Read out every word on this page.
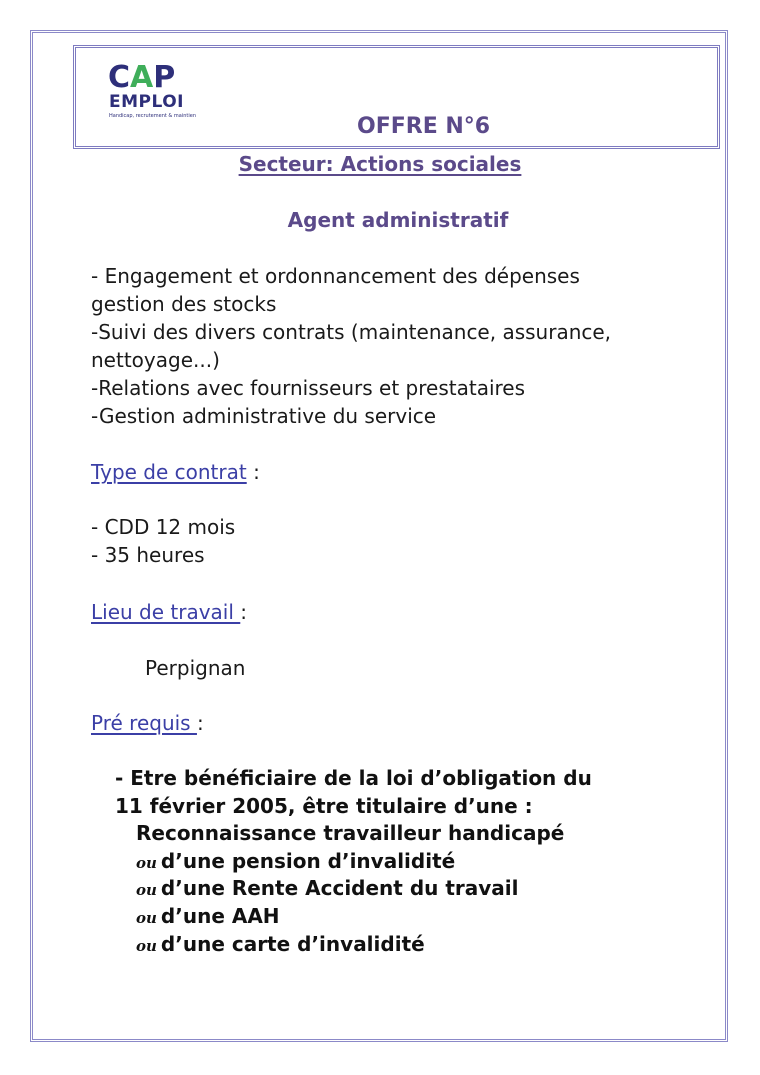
CAP
EMPLOI
Handicap, recrutement & maintien	OFFRE N°6
Secteur: Actions sociales
Agent administratif
- Engagement et ordonnancement des dépenses
gestion des stocks
-Suivi des divers contrats (maintenance, assurance,
nettoyage...)
-Relations avec fournisseurs et prestataires
-Gestion administrative du service
Type de contrat :
- CDD 12 mois
- 35 heures
Lieu de travail :
Perpignan
Pré requis :
- Etre bénéficiaire de la loi d’obligation du
11 février 2005, être titulaire d’une :
Reconnaissance travailleur handicapé
ou d’une pension d’invalidité
ou d’une Rente Accident du travail
ou d’une AAH
ou d’une carte d’invalidité
